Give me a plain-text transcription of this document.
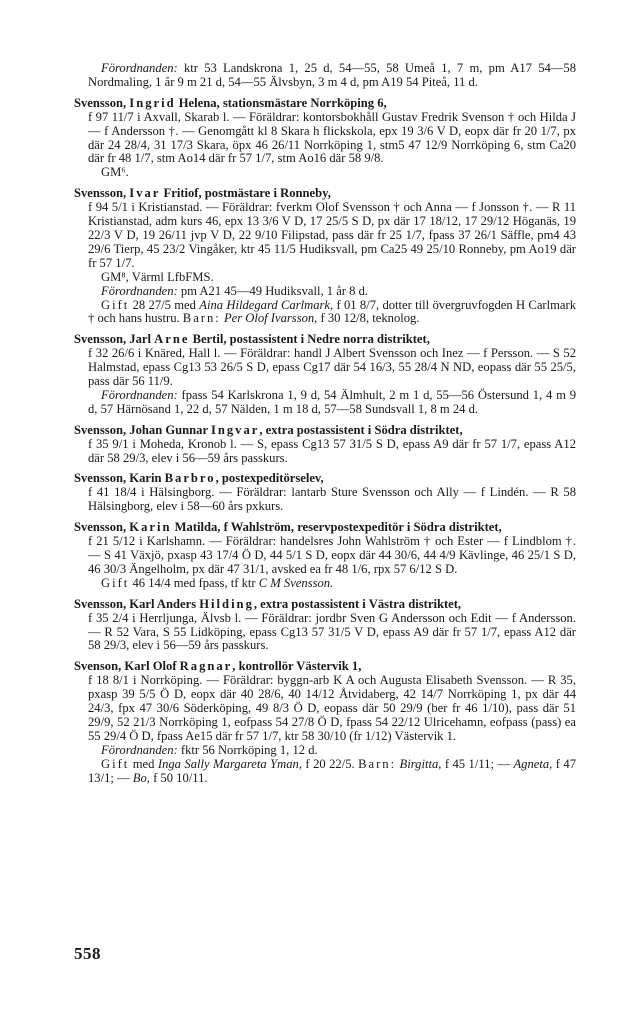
Förordnanden: ktr 53 Landskrona 1, 25 d, 54—55, 58 Umeå 1, 7 m, pm A17 54—58 Nordmaling, 1 år 9 m 21 d, 54—55 Älvsbyn, 3 m 4 d, pm A19 54 Piteå, 11 d.
Svensson, Ingrid Helena, stationsmästare Norrköping 6,
f 97 11/7 i Axvall, Skarab l. — Föräldrar: kontorsbokhåll Gustav Fredrik Svenson † och Hilda J — f Andersson †. — Genomgått kl 8 Skara h flickskola, epx 19 3/6 V D, eopx där fr 20 1/7, px där 24 28/4, 31 17/3 Skara, öpx 46 26/11 Norrköping 1, stm5 47 12/9 Norrköping 6, stm Ca20 där fr 48 1/7, stm Ao14 där fr 57 1/7, stm Ao16 där 58 9/8.
GM⁶.
Svensson, Ivar Fritiof, postmästare i Ronneby,
f 94 5/1 i Kristianstad. — Föräldrar: fverkm Olof Svensson † och Anna — f Jonsson †. — R 11 Kristianstad, adm kurs 46, epx 13 3/6 V D, 17 25/5 S D, px där 17 18/12, 17 29/12 Höganäs, 19 22/3 V D, 19 26/11 jvp V D, 22 9/10 Filipstad, pass där fr 25 1/7, fpass 37 26/1 Säffle, pm4 43 29/6 Tierp, 45 23/2 Vingåker, ktr 45 11/5 Hudiksvall, pm Ca25 49 25/10 Ronneby, pm Ao19 där fr 57 1/7.
GM⁸, Värml LfbFMS.
Förordnanden: pm A21 45—49 Hudiksvall, 1 år 8 d.
Gift 28 27/5 med Aina Hildegard Carlmark, f 01 8/7, dotter till övergruvfogden H Carlmark † och hans hustru. Barn: Per Olof Ivarsson, f 30 12/8, teknolog.
Svensson, Jarl Arne Bertil, postassistent i Nedre norra distriktet,
f 32 26/6 i Knäred, Hall l. — Föräldrar: handl J Albert Svensson och Inez — f Persson. — S 52 Halmstad, epass Cg13 53 26/5 S D, epass Cg17 där 54 16/3, 55 28/4 N ND, eopass där 55 25/5, pass där 56 11/9.
Förordnanden: fpass 54 Karlskrona 1, 9 d, 54 Älmhult, 2 m 1 d, 55—56 Östersund 1, 4 m 9 d, 57 Härnösand 1, 22 d, 57 Nälden, 1 m 18 d, 57—58 Sundsvall 1, 8 m 24 d.
Svensson, Johan Gunnar Ingvar, extra postassistent i Södra distriktet,
f 35 9/1 i Moheda, Kronob l. — S, epass Cg13 57 31/5 S D, epass A9 där fr 57 1/7, epass A12 där 58 29/3, elev i 56—59 års passkurs.
Svensson, Karin Barbro, postexpeditörselev,
f 41 18/4 i Hälsingborg. — Föräldrar: lantarb Sture Svensson och Ally — f Lindén. — R 58 Hälsingborg, elev i 58—60 års pxkurs.
Svensson, Karin Matilda, f Wahlström, reservpostexpeditör i Södra distriktet,
f 21 5/12 i Karlshamn. — Föräldrar: handelsres John Wahlström † och Ester — f Lindblom †. — S 41 Växjö, pxasp 43 17/4 Ö D, 44 5/1 S D, eopx där 44 30/6, 44 4/9 Kävlinge, 46 25/1 S D, 46 30/3 Ängelholm, px där 47 31/1, avsked ea fr 48 1/6, rpx 57 6/12 S D.
Gift 46 14/4 med fpass, tf ktr C M Svensson.
Svensson, Karl Anders Hilding, extra postassistent i Västra distriktet,
f 35 2/4 i Herrljunga, Älvsb l. — Föräldrar: jordbr Sven G Andersson och Edit — f Andersson. — R 52 Vara, S 55 Lidköping, epass Cg13 57 31/5 V D, epass A9 där fr 57 1/7, epass A12 där 58 29/3, elev i 56—59 års passkurs.
Svenson, Karl Olof Ragnar, kontrollör Västervik 1,
f 18 8/1 i Norrköping. — Föräldrar: byggn-arb K A och Augusta Elisabeth Svensson. — R 35, pxasp 39 5/5 Ö D, eopx där 40 28/6, 40 14/12 Åtvidaberg, 42 14/7 Norrköping 1, px där 44 24/3, fpx 47 30/6 Söderköping, 49 8/3 Ö D, eopass där 50 29/9 (ber fr 46 1/10), pass där 51 29/9, 52 21/3 Norrköping 1, eofpass 54 27/8 Ö D, fpass 54 22/12 Ulricehamn, eofpass (pass) ea 55 29/4 Ö D, fpass Ae15 där fr 57 1/7, ktr 58 30/10 (fr 1/12) Västervik 1.
Förordnanden: fktr 56 Norrköping 1, 12 d.
Gift med Inga Sally Margareta Yman, f 20 22/5. Barn: Birgitta, f 45 1/11; — Agneta, f 47 13/1; — Bo, f 50 10/11.
558
